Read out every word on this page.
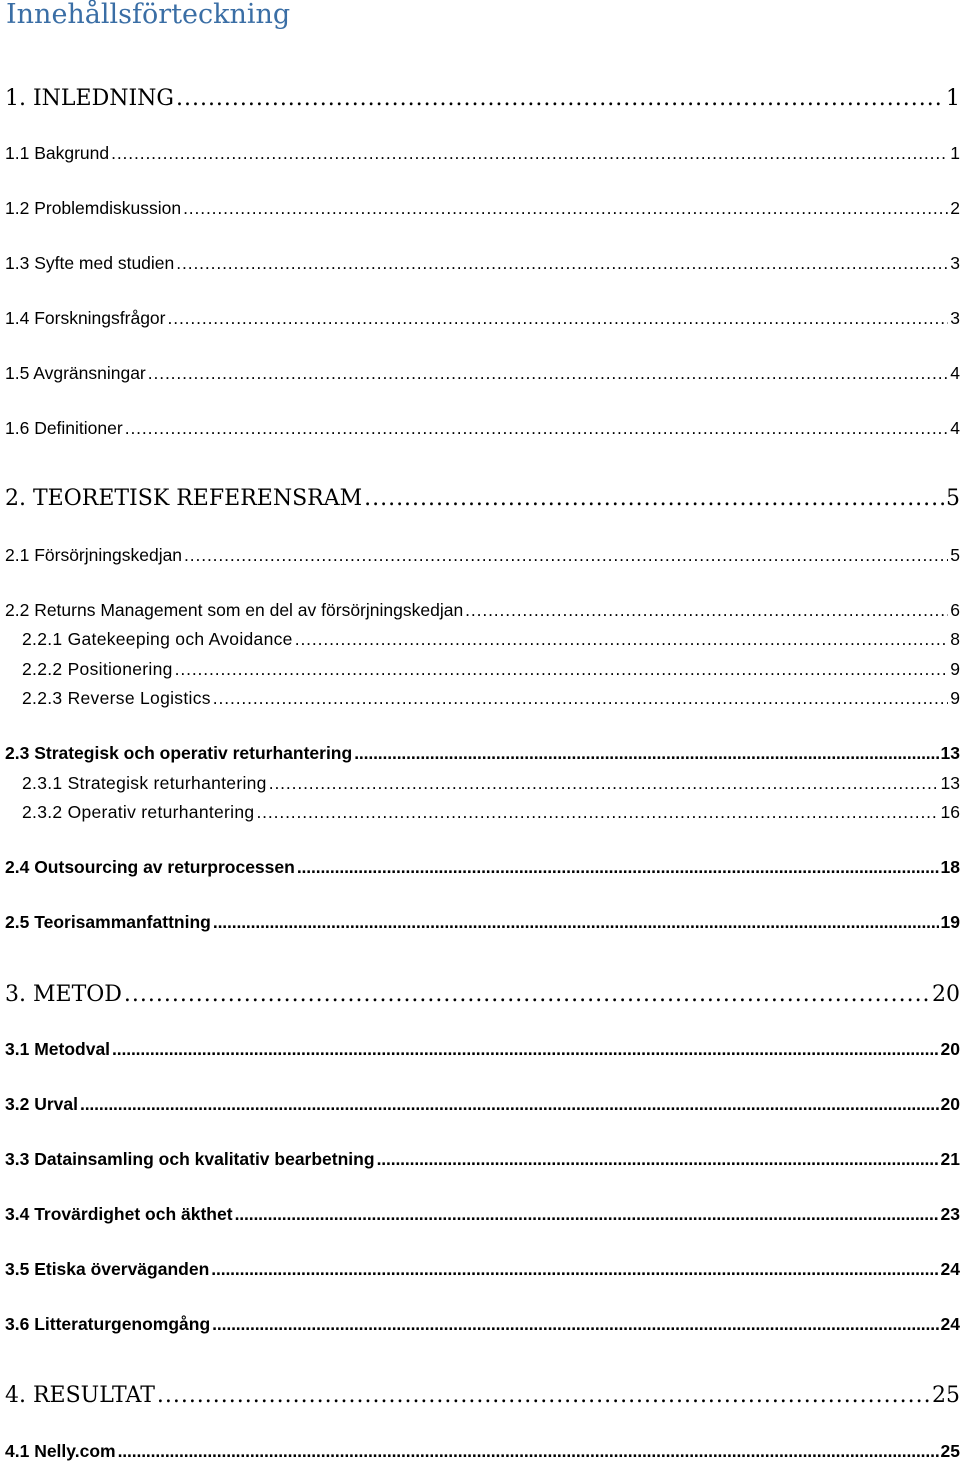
Innehållsförteckning
1. INLEDNING . . .	1
1.1 Bakgrund . . .	1
1.2 Problemdiskussion . . .	2
1.3 Syfte med studien . . .	3
1.4 Forskningsfrågor . . .	3
1.5 Avgränsningar . . .	4
1.6 Definitioner . . .	4
2. TEORETISK REFERENSRAM . . .	5
2.1 Försörjningskedjan . . .	5
2.2 Returns Management som en del av försörjningskedjan . . .	6
2.2.1 Gatekeeping och Avoidance . . .	8
2.2.2 Positionering . . .	9
2.2.3 Reverse Logistics . . .	9
2.3 Strategisk och operativ returhantering . . .	13
2.3.1 Strategisk returhantering . . .	13
2.3.2 Operativ returhantering . . .	16
2.4 Outsourcing av returprocessen . . .	18
2.5 Teorisammanfattning . . .	19
3. METOD . . .	20
3.1 Metodval . . .	20
3.2 Urval . . .	20
3.3 Datainsamling och kvalitativ bearbetning . . .	21
3.4 Trovärdighet och äkthet . . .	23
3.5 Etiska överväganden . . .	24
3.6 Litteraturgenomgång . . .	24
4. RESULTAT . . .	25
4.1 Nelly.com . . .	25
